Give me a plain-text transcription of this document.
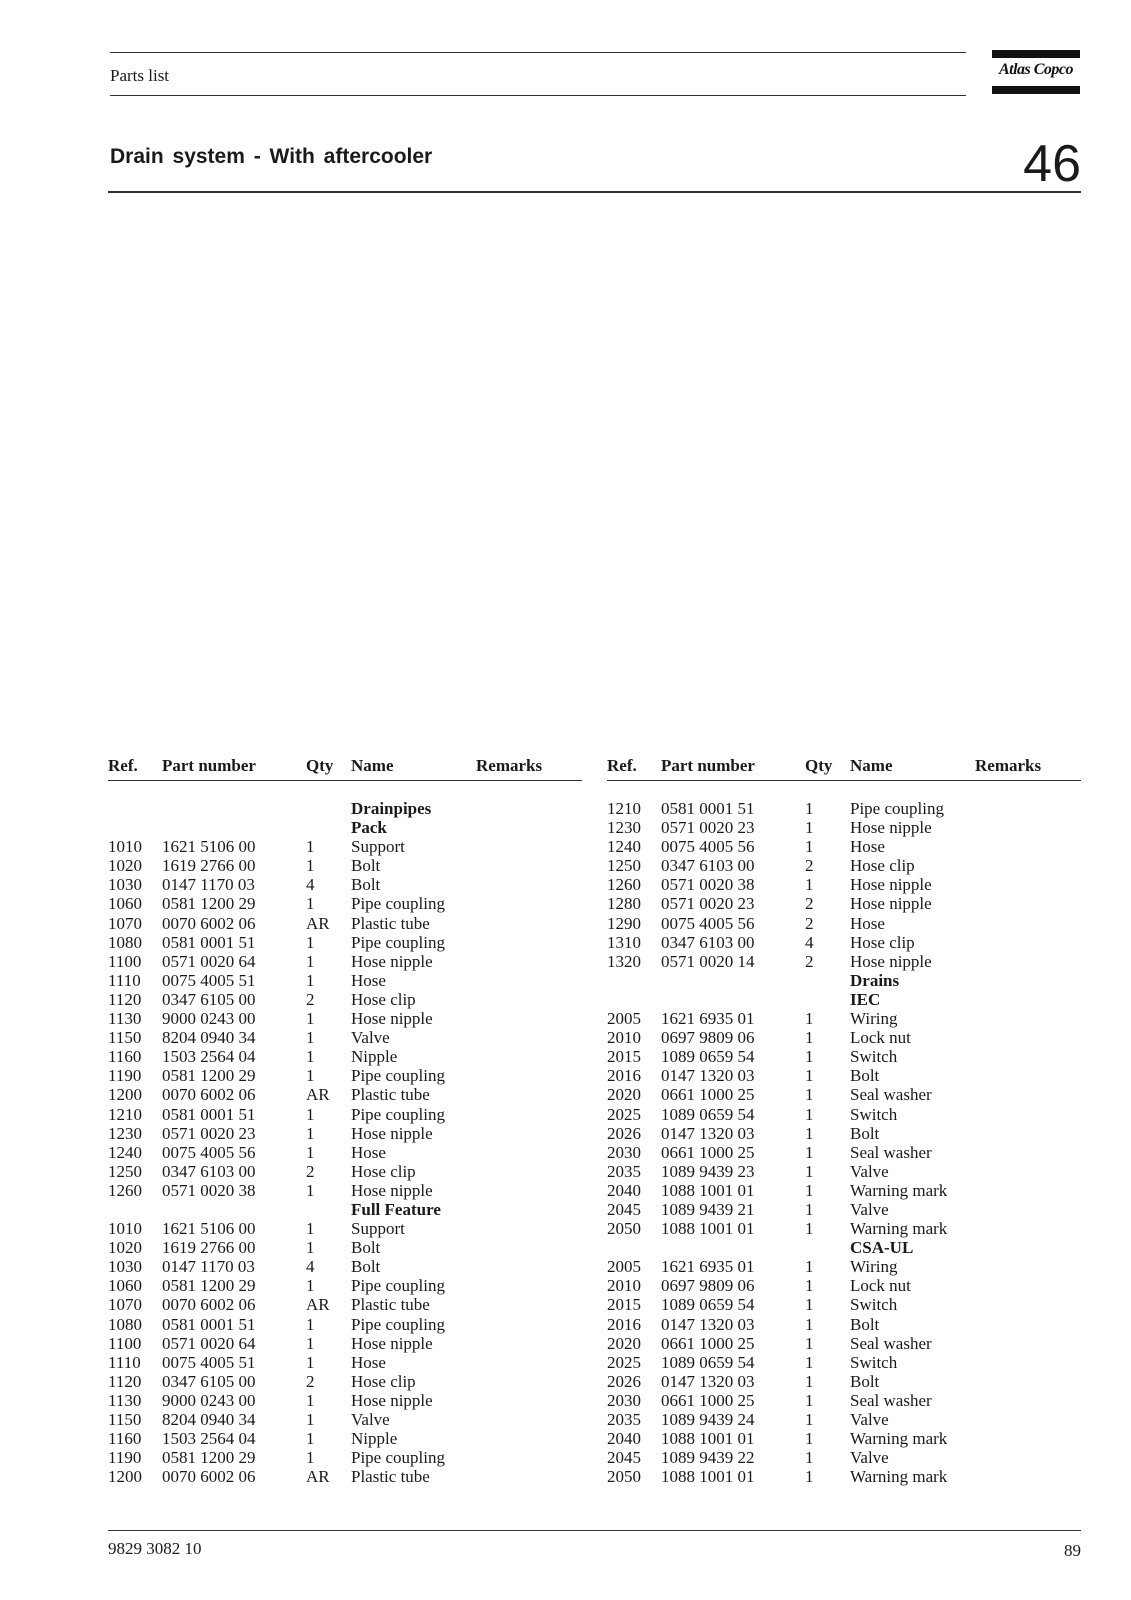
Parts list	Atlas Copco
Drain system - With aftercooler	46
Ref. Part number	Qty Name	Remarks
Drainpipes
Pack
1010 1621 5106 00	1 Support
1020 1619 2766 00	1 Bolt
1030 0147 1170 03	4 Bolt
1060 0581 1200 29	1 Pipe coupling
1070 0070 6002 06	AR Plastic tube
1080 0581 0001 51	1 Pipe coupling
1100 0571 0020 64	1 Hose nipple
1110 0075 4005 51	1 Hose
1120 0347 6105 00	2 Hose clip
1130 9000 0243 00	1 Hose nipple
1150 8204 0940 34	1 Valve
1160 1503 2564 04	1 Nipple
1190 0581 1200 29	1 Pipe coupling
1200 0070 6002 06	AR Plastic tube
1210 0581 0001 51	1 Pipe coupling
1230 0571 0020 23	1 Hose nipple
1240 0075 4005 56	1 Hose
1250 0347 6103 00	2 Hose clip
1260 0571 0020 38	1 Hose nipple
Full Feature
1010 1621 5106 00	1 Support
1020 1619 2766 00	1 Bolt
1030 0147 1170 03	4 Bolt
1060 0581 1200 29	1 Pipe coupling
1070 0070 6002 06	AR Plastic tube
1080 0581 0001 51	1 Pipe coupling
1100 0571 0020 64	1 Hose nipple
1110 0075 4005 51	1 Hose
1120 0347 6105 00	2 Hose clip
1130 9000 0243 00	1 Hose nipple
1150 8204 0940 34	1 Valve
1160 1503 2564 04	1 Nipple
1190 0581 1200 29	1 Pipe coupling
1200 0070 6002 06	AR Plastic tube
Ref. Part number	Qty Name	Remarks
1210 0581 0001 51	1 Pipe coupling
1230 0571 0020 23	1 Hose nipple
1240 0075 4005 56	1 Hose
1250 0347 6103 00	2 Hose clip
1260 0571 0020 38	1 Hose nipple
1280 0571 0020 23	2 Hose nipple
1290 0075 4005 56	2 Hose
1310 0347 6103 00	4 Hose clip
1320 0571 0020 14	2 Hose nipple
Drains
IEC
2005 1621 6935 01	1 Wiring
2010 0697 9809 06	1 Lock nut
2015 1089 0659 54	1 Switch
2016 0147 1320 03	1 Bolt
2020 0661 1000 25	1 Seal washer
2025 1089 0659 54	1 Switch
2026 0147 1320 03	1 Bolt
2030 0661 1000 25	1 Seal washer
2035 1089 9439 23	1 Valve
2040 1088 1001 01	1 Warning mark
2045 1089 9439 21	1 Valve
2050 1088 1001 01	1 Warning mark
CSA-UL
2005 1621 6935 01	1 Wiring
2010 0697 9809 06	1 Lock nut
2015 1089 0659 54	1 Switch
2016 0147 1320 03	1 Bolt
2020 0661 1000 25	1 Seal washer
2025 1089 0659 54	1 Switch
2026 0147 1320 03	1 Bolt
2030 0661 1000 25	1 Seal washer
2035 1089 9439 24	1 Valve
2040 1088 1001 01	1 Warning mark
2045 1089 9439 22	1 Valve
2050 1088 1001 01	1 Warning mark
9829 3082 10	89
